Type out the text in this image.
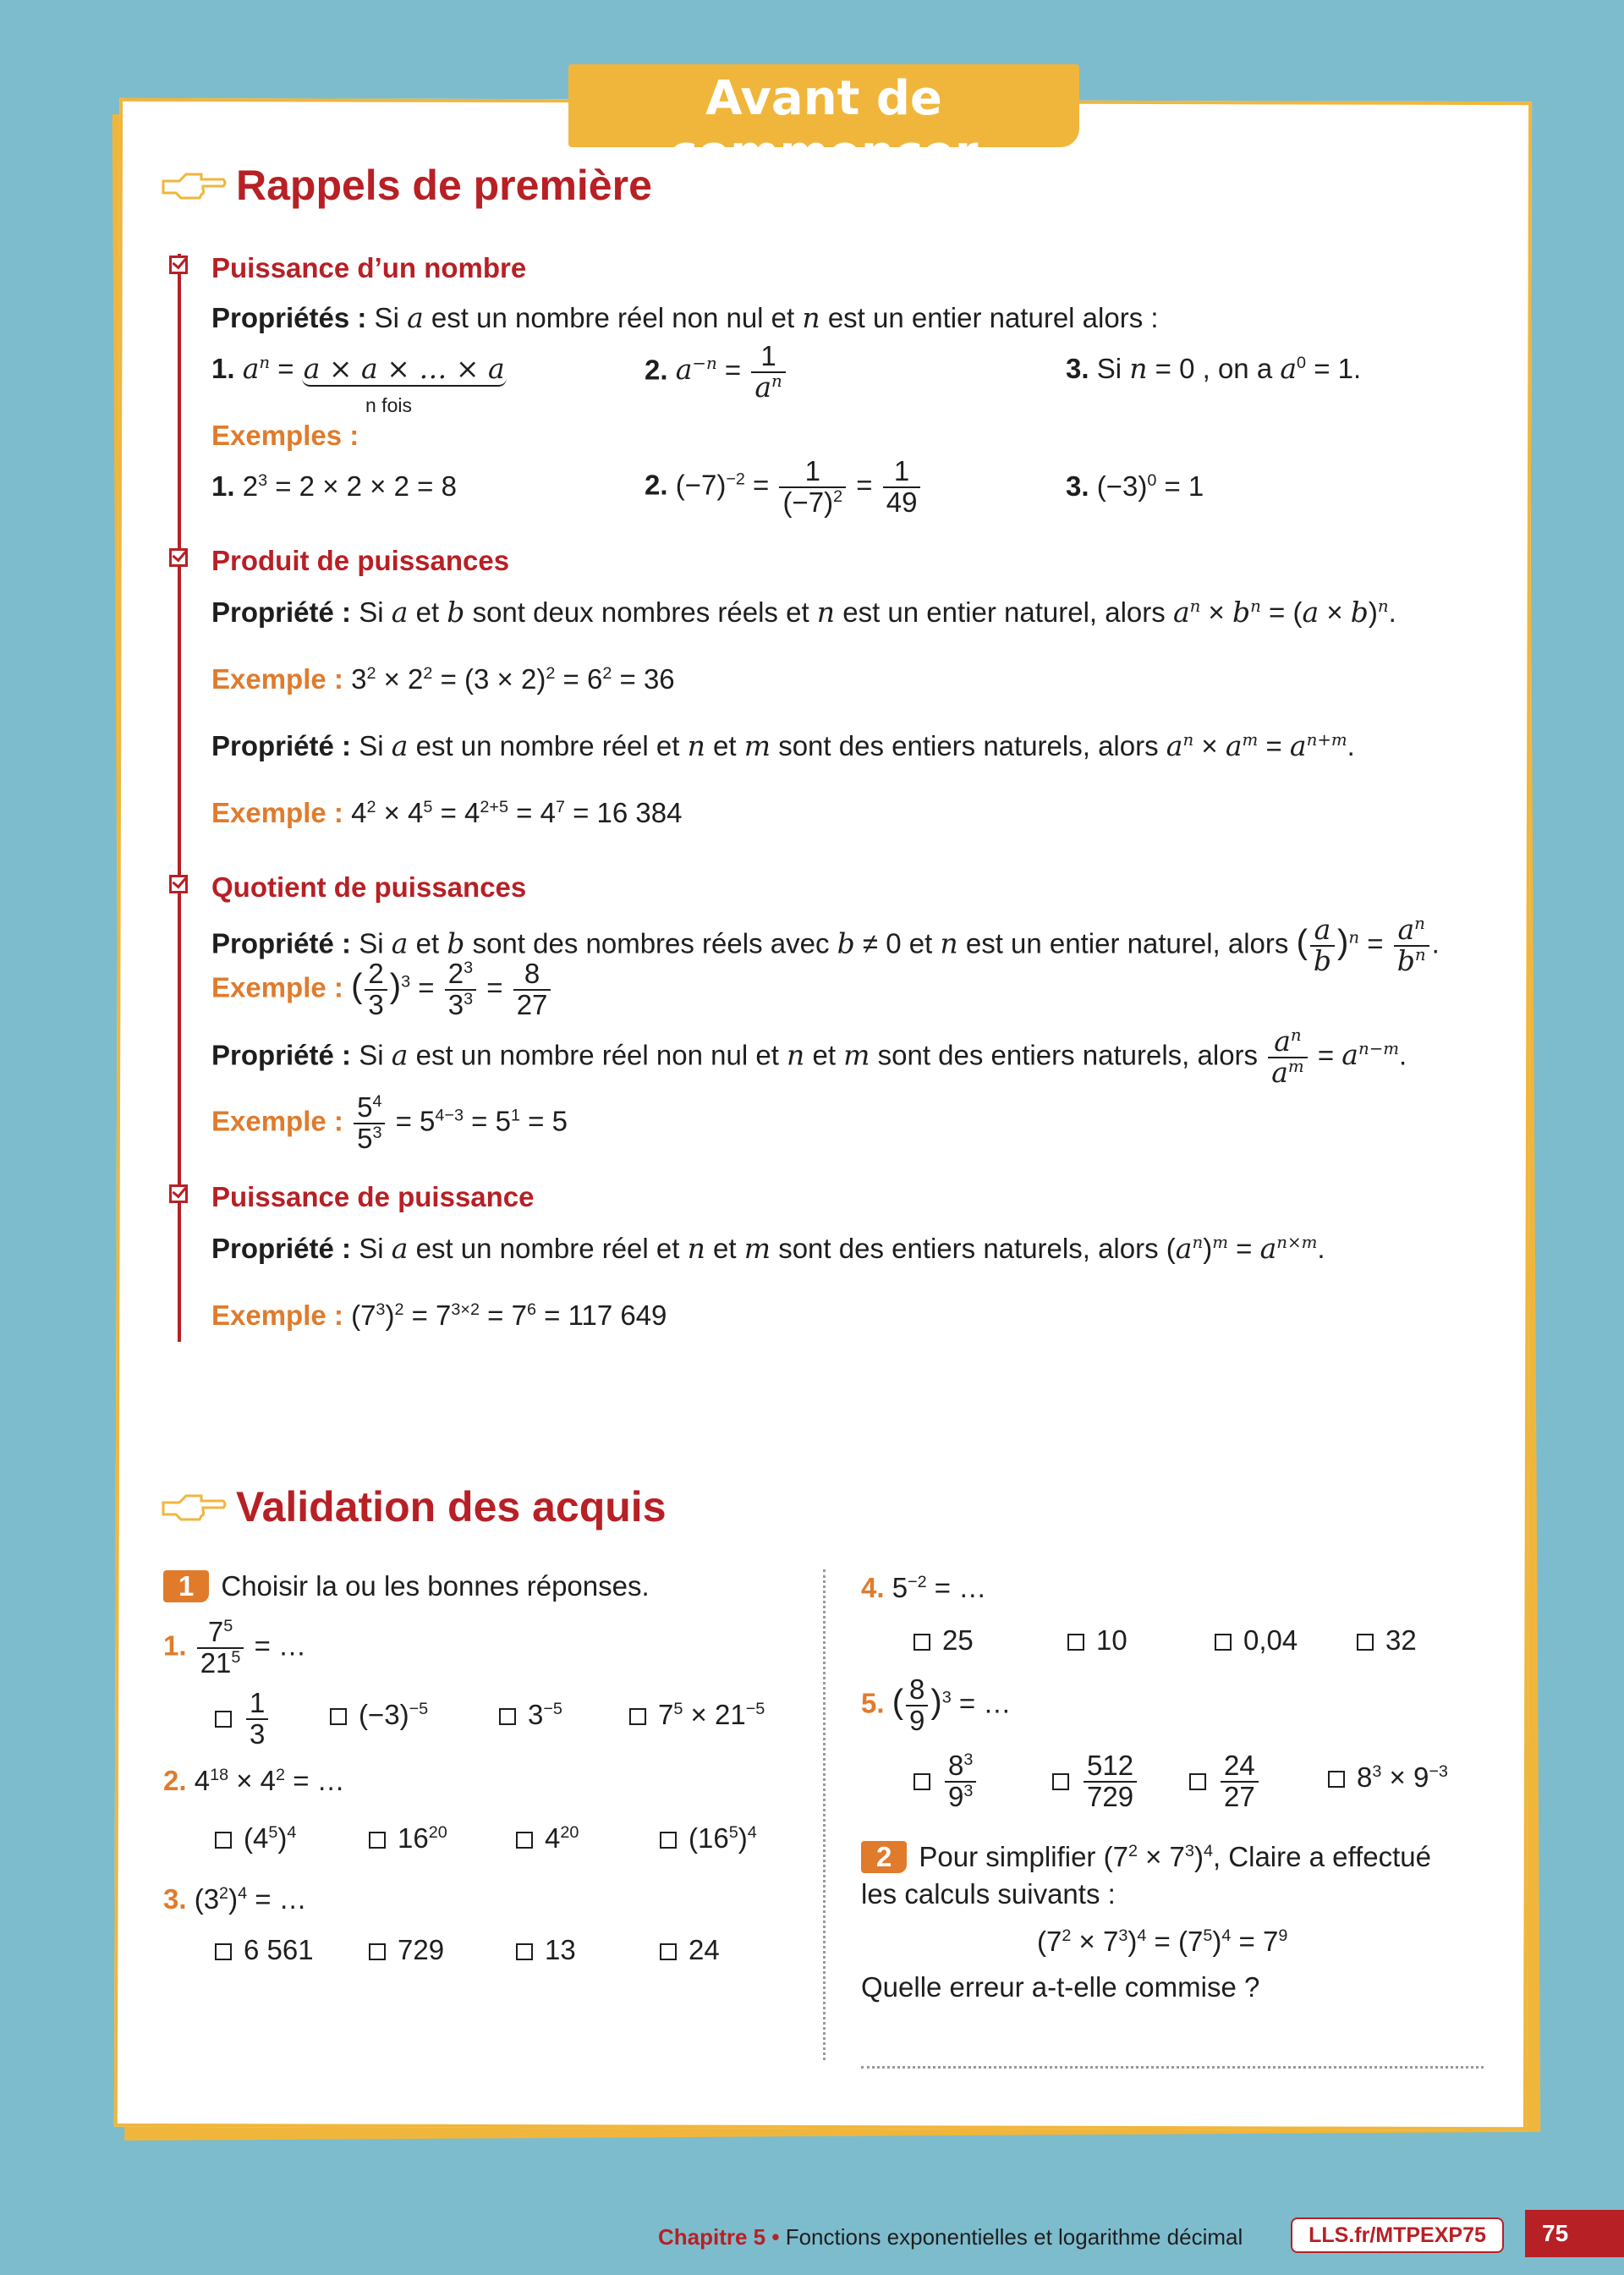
Avant de commencer
Rappels de première
Puissance d’un nombre
Propriétés : Si a est un nombre réel non nul et n est un entier naturel alors :
1. $a^n = a \times a$ × … × a
n fois
2. $a^{-n} = \frac{1}{a^n}$	3. Si n = 0 , on a $a^0 = 1$.
Exemples :
1. $2^3 = 2 \times 2 \times 2 = 8$	2. $(-7)^{-2} = \frac{1}{(-7)^2} = \frac{1}{49}$	3. $(-3)^0 = 1$
Produit de puissances
Propriété : Si a et b sont deux nombres réels et n est un entier naturel, alors $a^n \times b^n = (a \times b)^n$.
Exemple : $3^2 \times 2^2 = (3 \times 2)^2 = 6^2 = 36$
Propriété : Si a est un nombre réel et n et m sont des entiers naturels, alors $a^n \times a^m = a^{n+m}$.
Exemple : $4^2 \times 4^5 = 4^{2+5} = 4^7 = 16$ 384
Quotient de puissances
Propriété : Si a et b sont des nombres réels avec b ≠ 0 et n est un entier naturel, alors ( $\frac{a}{b} )^n = \frac{a^n}{b^n}$ .
Exemple : ( $\frac{2}{3} )^3 = \frac{2^3}{3^3} = \frac{8}{27}$
Propriété : Si a est un nombre réel non nul et n et m sont des entiers naturels, alors $\frac{a^n}{a^m} = a^{n-m}$.
Exemple : $\frac{5^4}{5^3} = 5^{4-3} = 5^1 = 5$
Puissance de puissance
Propriété : Si a est un nombre réel et n et m sont des entiers naturels, alors $(a^n)^m = a^{n\times m}$.
Exemple : $(7^3)^2 = 7^{3\times 2} = 7^6 = 117$ 649
Validation des acquis
1 Choisir la ou les bonnes réponses.
1. $\frac{7^5}{21^5}$ = …
$\frac{1}{3}$	$(-3)^{-5}$	$3^{-5}$	$7^5 \times 21^{-5}$
2. $4^{18} \times 4^2$ = …
$(4^5)^4$	$16^{20}$	$4^{20}$	$(16^5)^4$
3. $(3^2)^4$ = …
6 561	729	13	24
4. $5^{-2}$ = …
25	10	0,04	32
5. ( $\frac{8}{9} )^3$ = …
$\frac{8^3}{9^3}$	$\frac{512}{729}$	$\frac{24}{27}$	$8^3 \times 9^{-3}$
2 Pour simplifier $(7^2 \times 7^3)^4$, Claire a effectué
les calculs suivants :
$(7^2 \times 7^3)^4 = (7^5)^4 = 7^9$
Quelle erreur a-t-elle commise ?
Chapitre 5 • Fonctions exponentielles et logarithme décimal	LLS.fr/MTPEXP75	75
